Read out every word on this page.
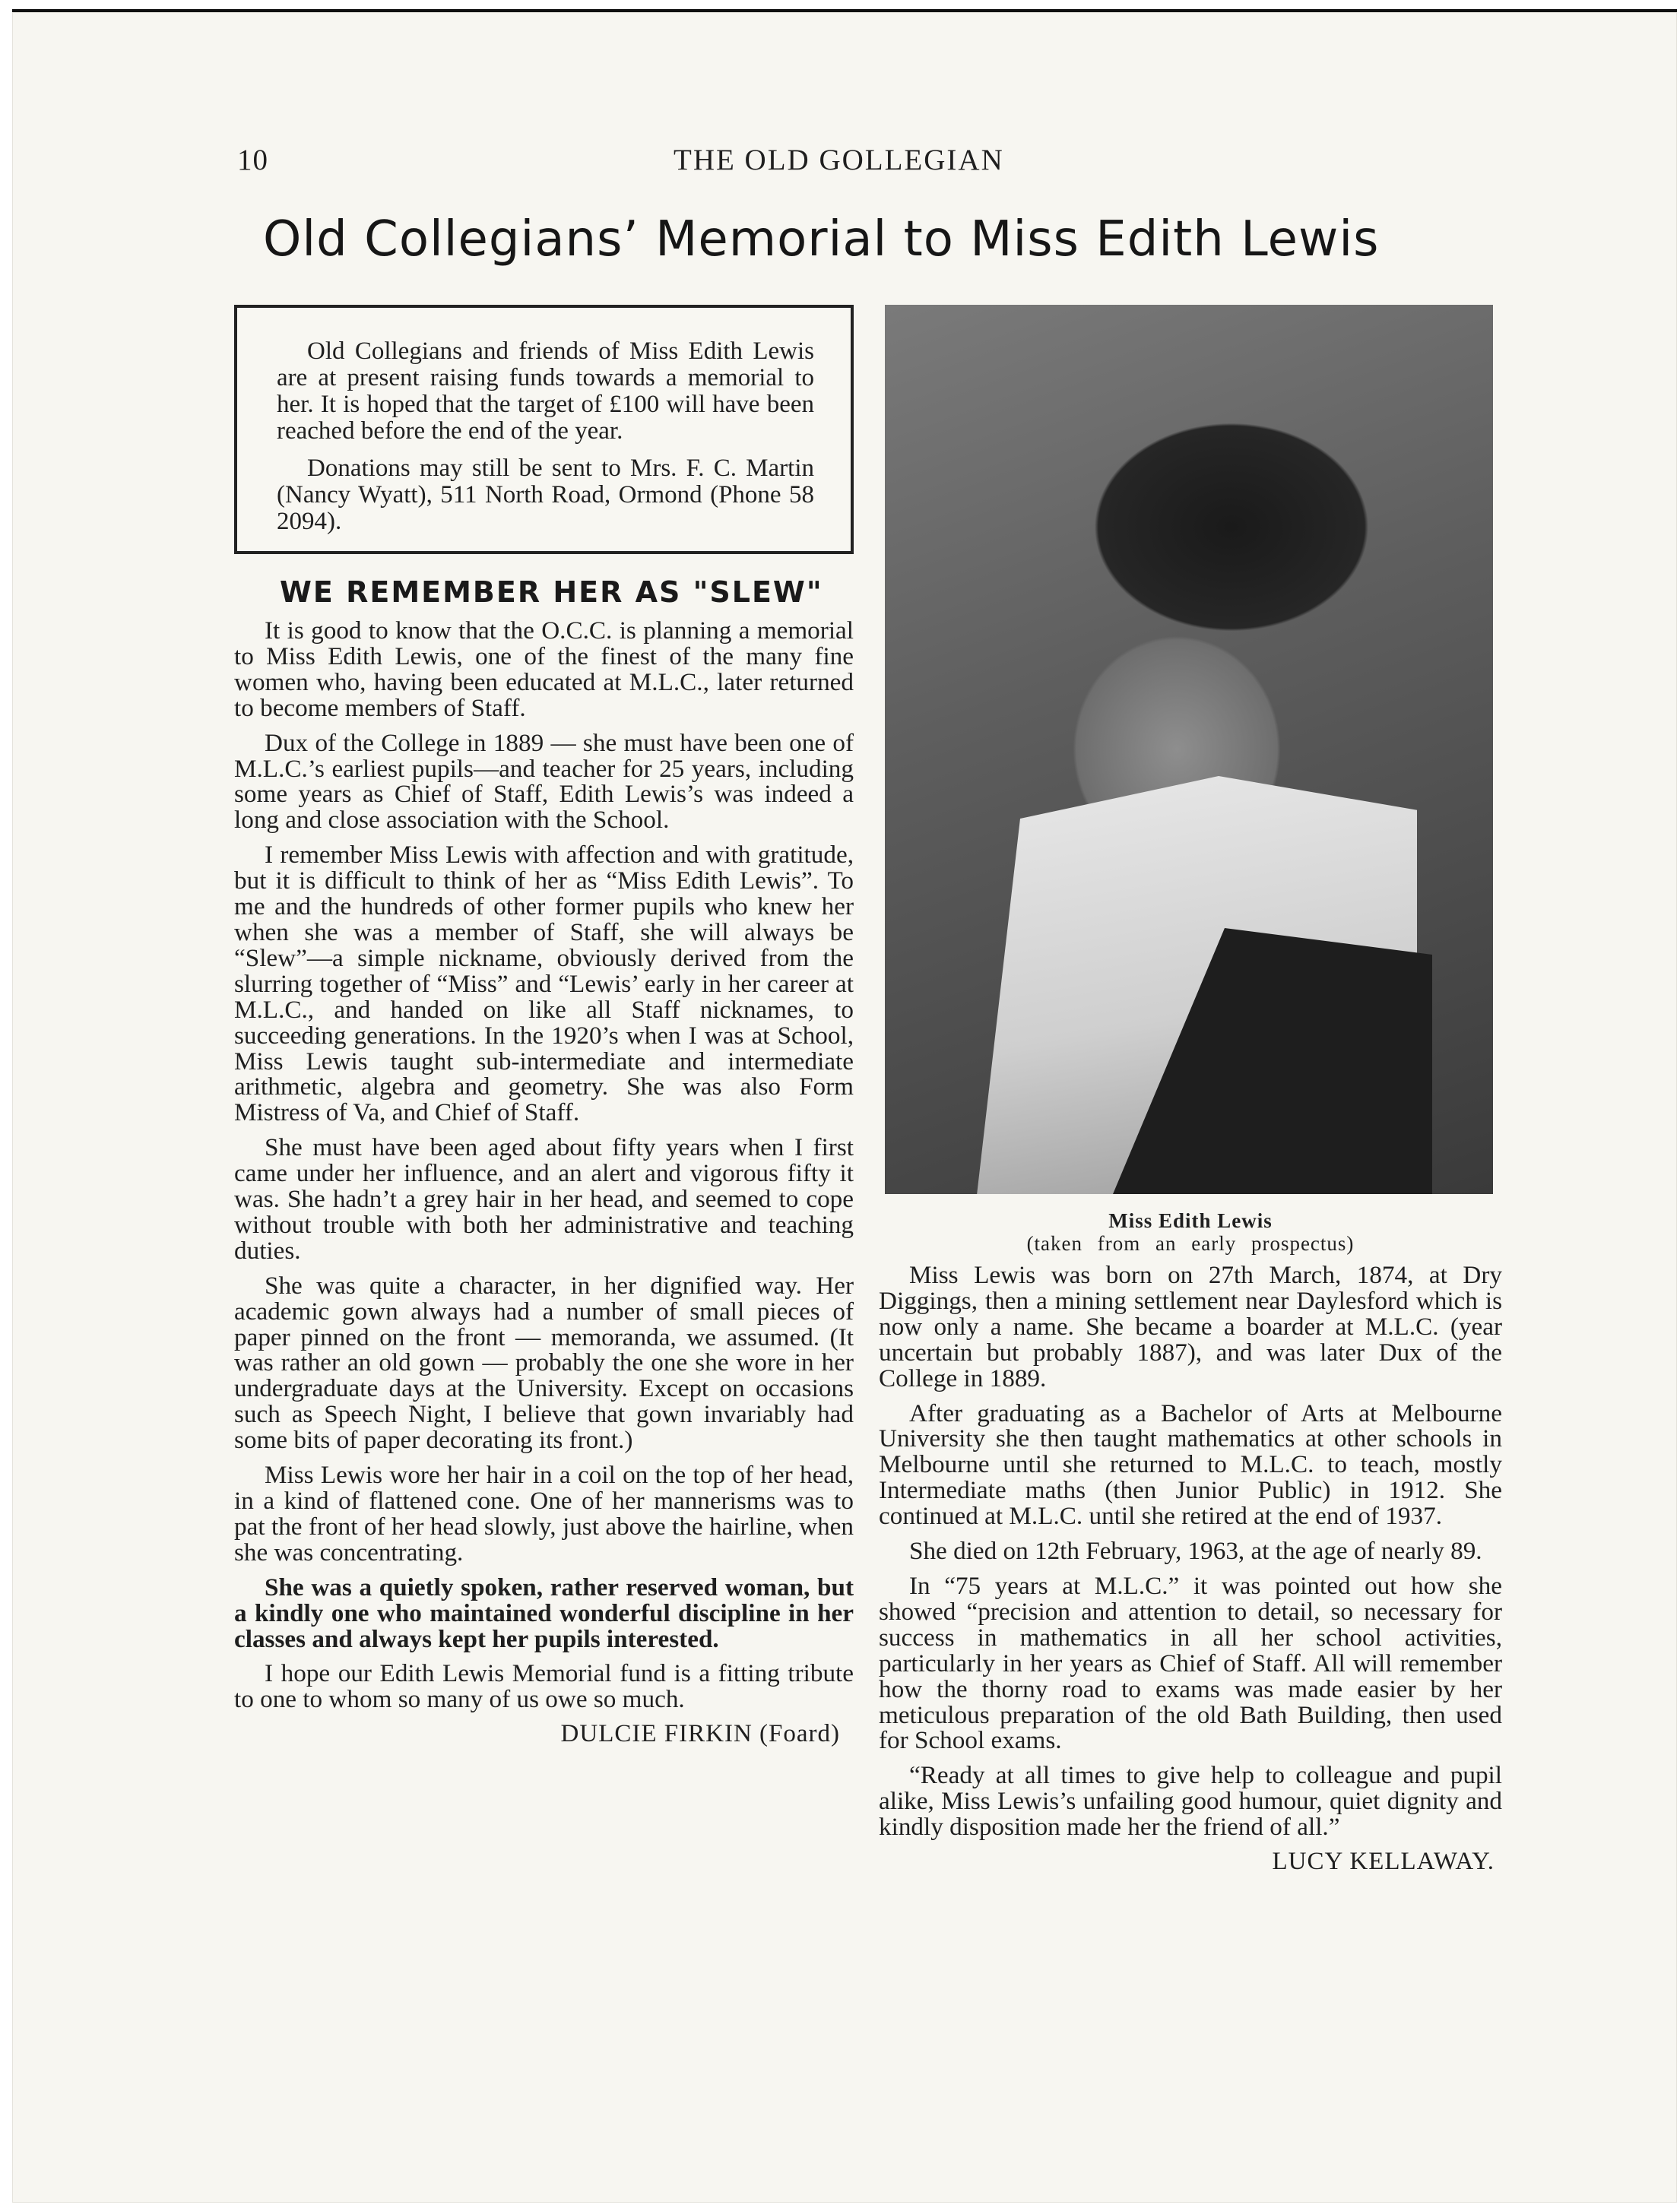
10	THE OLD GOLLEGIAN
Old Collegians’ Memorial to Miss Edith Lewis

Old Collegians and friends of Miss Edith Lewis are at present raising funds towards a memorial to her. It is hoped that the target of £100 will have been reached before the end of the year.

Donations may still be sent to Mrs. F. C. Martin (Nancy Wyatt), 511 North Road, Ormond (Phone 58 2094).

WE REMEMBER HER AS "SLEW"

It is good to know that the O.C.C. is planning a memorial to Miss Edith Lewis, one of the finest of the many fine women who, having been educated at M.L.C., later returned to become members of Staff.

Dux of the College in 1889 — she must have been one of M.L.C.’s earliest pupils—and teacher for 25 years, including some years as Chief of Staff, Edith Lewis’s was indeed a long and close association with the School.

I remember Miss Lewis with affection and with gratitude, but it is difficult to think of her as “Miss Edith Lewis”. To me and the hundreds of other former pupils who knew her when she was a member of Staff, she will always be “Slew”—a simple nickname, obviously derived from the slurring together of “Miss” and “Lewis’ early in her career at M.L.C., and handed on like all Staff nicknames, to succeeding generations. In the 1920’s when I was at School, Miss Lewis taught sub-intermediate and intermediate arithmetic, algebra and geometry. She was also Form Mistress of Va, and Chief of Staff.

She must have been aged about fifty years when I first came under her influence, and an alert and vigorous fifty it was. She hadn’t a grey hair in her head, and seemed to cope without trouble with both her administrative and teaching duties.

She was quite a character, in her dignified way. Her academic gown always had a number of small pieces of paper pinned on the front — memoranda, we assumed. (It was rather an old gown — probably the one she wore in her undergraduate days at the University. Except on occasions such as Speech Night, I believe that gown invariably had some bits of paper decorating its front.)

Miss Lewis wore her hair in a coil on the top of her head, in a kind of flattened cone. One of her mannerisms was to pat the front of her head slowly, just above the hairline, when she was concentrating.

She was a quietly spoken, rather reserved woman, but a kindly one who maintained wonderful discipline in her classes and always kept her pupils interested.

I hope our Edith Lewis Memorial fund is a fitting tribute to one to whom so many of us owe so much.

DULCIE FIRKIN (Foard)
Miss Edith Lewis
(taken from an early prospectus)

Miss Lewis was born on 27th March, 1874, at Dry Diggings, then a mining settlement near Daylesford which is now only a name. She became a boarder at M.L.C. (year uncertain but probably 1887), and was later Dux of the College in 1889.

After graduating as a Bachelor of Arts at Melbourne University she then taught mathematics at other schools in Melbourne until she returned to M.L.C. to teach, mostly Intermediate maths (then Junior Public) in 1912. She continued at M.L.C. until she retired at the end of 1937.

She died on 12th February, 1963, at the age of nearly 89.

In “75 years at M.L.C.” it was pointed out how she showed “precision and attention to detail, so necessary for success in mathematics in all her school activities, particularly in her years as Chief of Staff. All will remember how the thorny road to exams was made easier by her meticulous preparation of the old Bath Building, then used for School exams.

“Ready at all times to give help to colleague and pupil alike, Miss Lewis’s unfailing good humour, quiet dignity and kindly disposition made her the friend of all.”

LUCY KELLAWAY.
